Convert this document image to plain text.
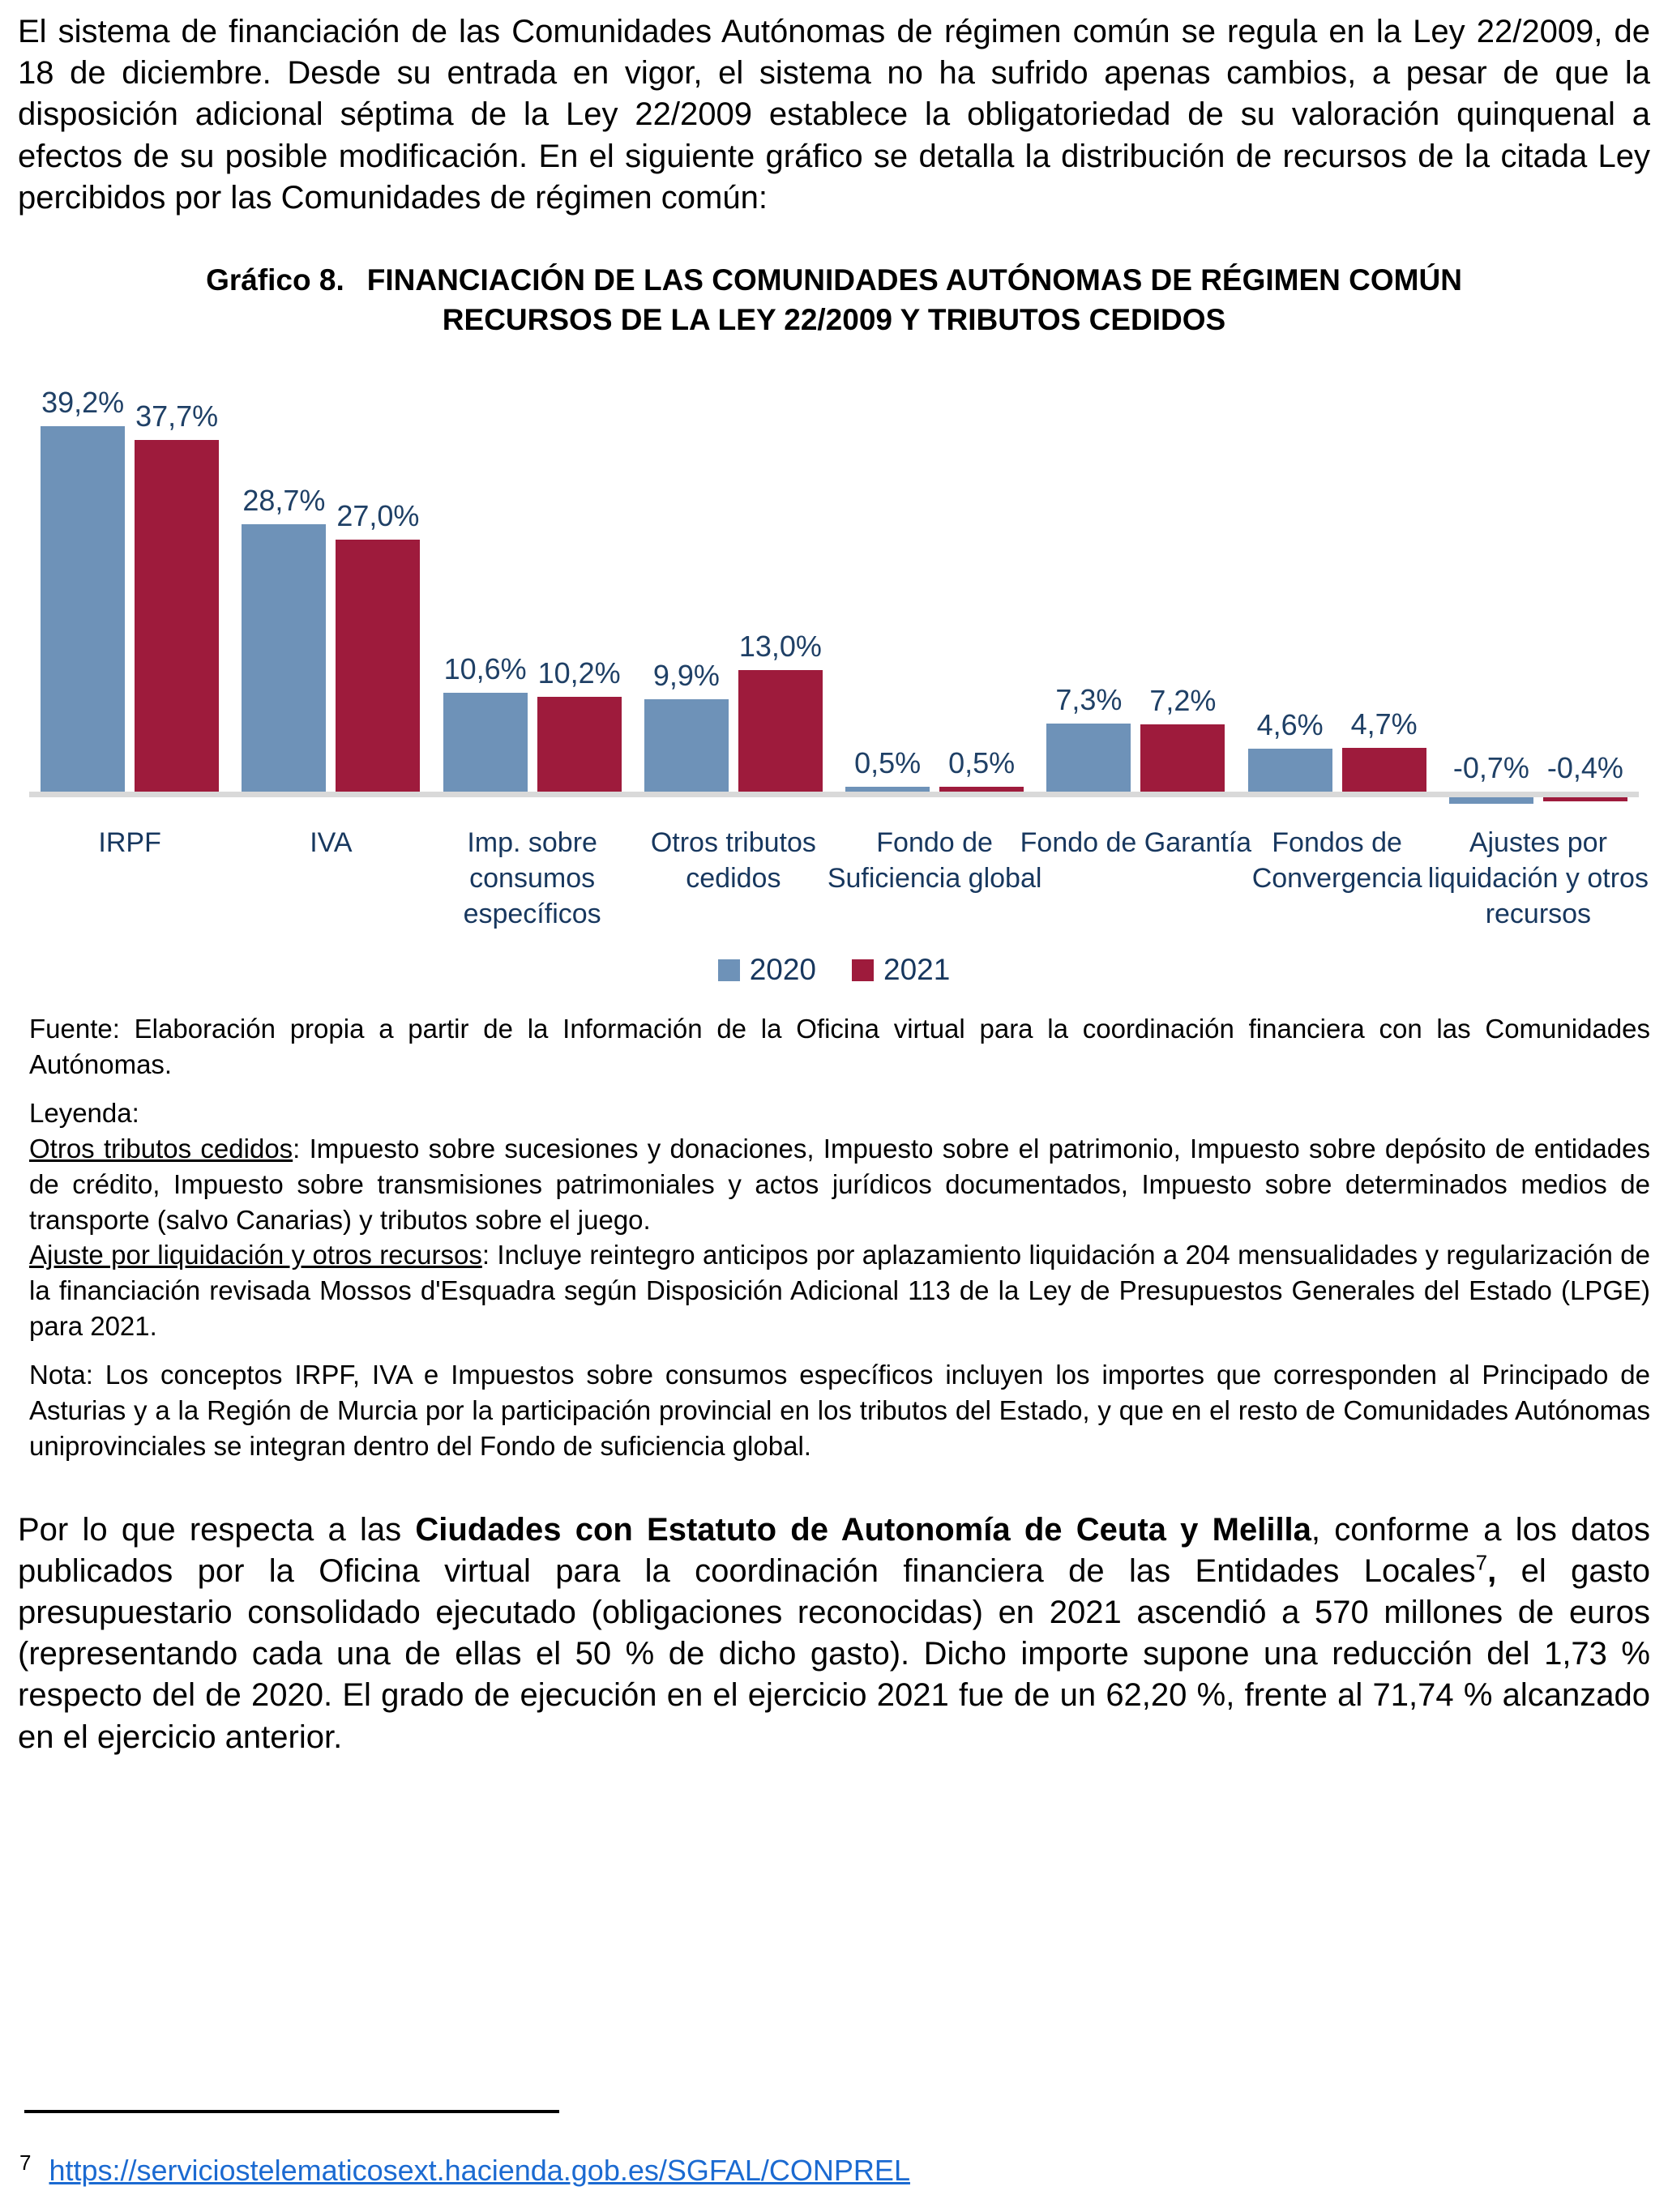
El sistema de financiación de las Comunidades Autónomas de régimen común se regula en la Ley 22/2009, de 18 de diciembre. Desde su entrada en vigor, el sistema no ha sufrido apenas cambios, a pesar de que la disposición adicional séptima de la Ley 22/2009 establece la obligatoriedad de su valoración quinquenal a efectos de su posible modificación. En el siguiente gráfico se detalla la distribución de recursos de la citada Ley percibidos por las Comunidades de régimen común:

Gráfico 8. FINANCIACIÓN DE LAS COMUNIDADES AUTÓNOMAS DE RÉGIMEN COMÚN
RECURSOS DE LA LEY 22/2009 Y TRIBUTOS CEDIDOS
39,2% 37,7%
28,7% 27,0%
10,6% 10,2% 9,9%
13,0%
0,5% 0,5%
7,3% 7,2%
4,6% 4,7%
-0,7% -0,4%
IRPF	IVA	Imp. sobre consumos específicos
Otros tributos cedidos
Fondo de Suficiencia global
Fondo de Garantía Fondos de Convergencia
Ajustes por liquidación y otros recursos
2020 2021

Fuente: Elaboración propia a partir de la Información de la Oficina virtual para la coordinación financiera con las Comunidades Autónomas.

Leyenda:

Otros tributos cedidos: Impuesto sobre sucesiones y donaciones, Impuesto sobre el patrimonio, Impuesto sobre depósito de entidades de crédito, Impuesto sobre transmisiones patrimoniales y actos jurídicos documentados, Impuesto sobre determinados medios de transporte (salvo Canarias) y tributos sobre el juego.

Ajuste por liquidación y otros recursos: Incluye reintegro anticipos por aplazamiento liquidación a 204 mensualidades y regularización de la financiación revisada Mossos d'Esquadra según Disposición Adicional 113 de la Ley de Presupuestos Generales del Estado (LPGE) para 2021.

Nota: Los conceptos IRPF, IVA e Impuestos sobre consumos específicos incluyen los importes que corresponden al Principado de Asturias y a la Región de Murcia por la participación provincial en los tributos del Estado, y que en el resto de Comunidades Autónomas uniprovinciales se integran dentro del Fondo de suficiencia global.

Por lo que respecta a las Ciudades con Estatuto de Autonomía de Ceuta y Melilla, conforme a los datos publicados por la Oficina virtual para la coordinación financiera de las Entidades Locales$^7$, el gasto presupuestario consolidado ejecutado (obligaciones reconocidas) en 2021 ascendió a 570 millones de euros (representando cada una de ellas el 50 % de dicho gasto). Dicho importe supone una reducción del 1,73 % respecto del de 2020. El grado de ejecución en el ejercicio 2021 fue de un 62,20 %, frente al 71,74 % alcanzado en el ejercicio anterior.

$^7$ https://serviciostelematicosext.hacienda.gob.es/SGFAL/CONPREL
